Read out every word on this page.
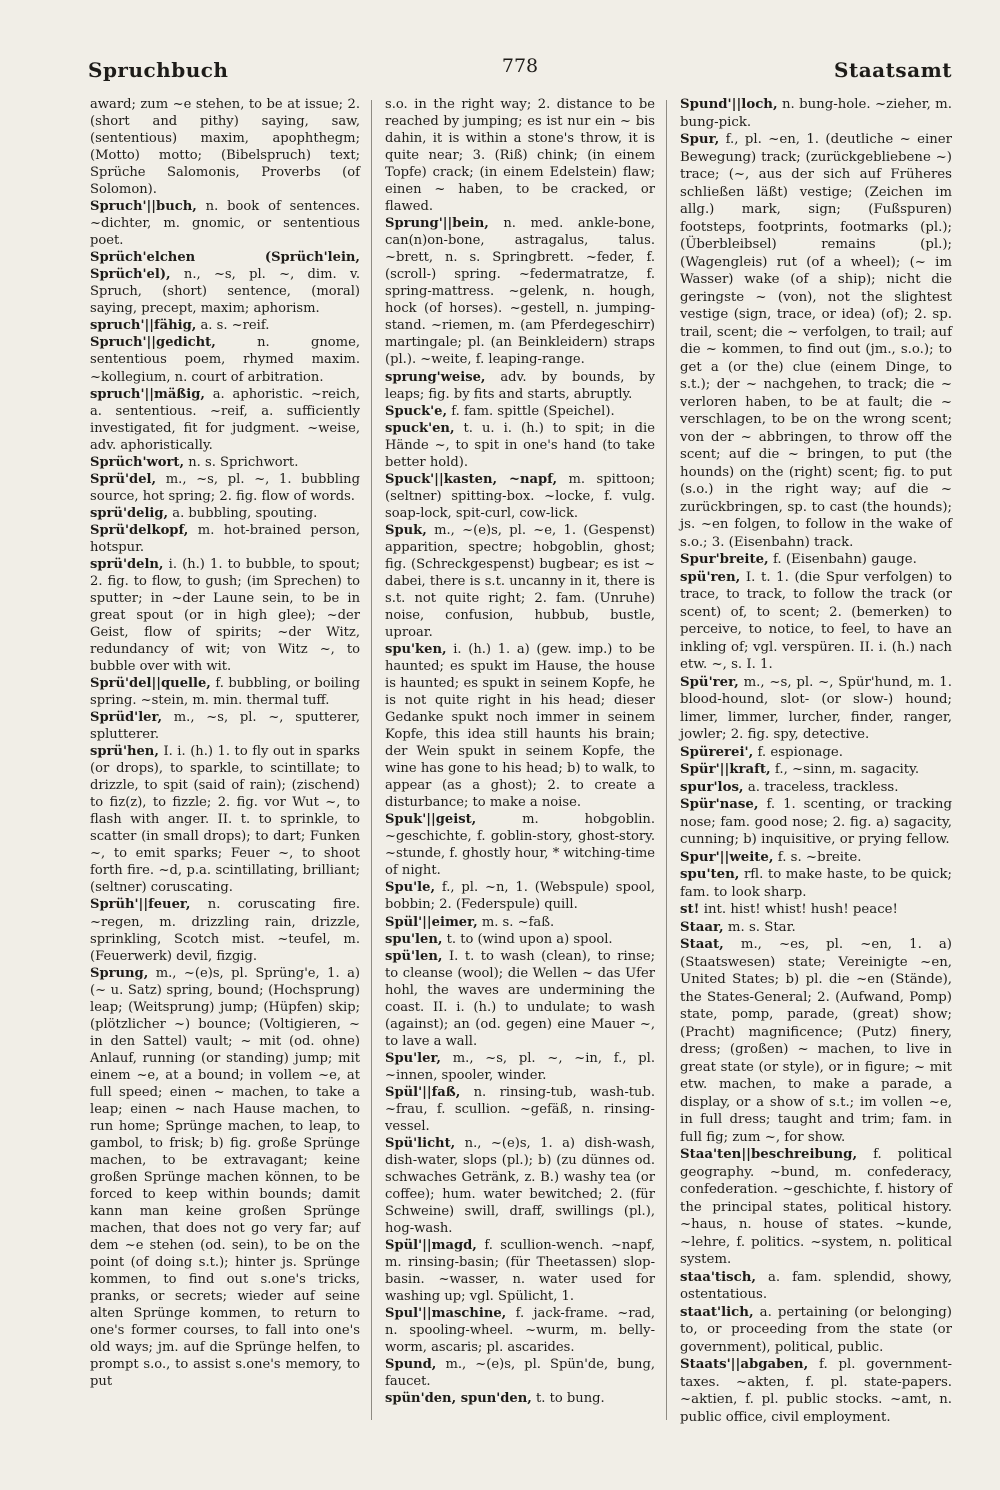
Spruchbuch	778	Staatsamt
award; zum ~e stehen, to be at issue; 2. (short and pithy) saying, saw, (sententious) maxim, apophthegm; (Motto) motto; (Bibelspruch) text; Sprüche Salomonis, Proverbs (of Solomon).
Spruch'||buch, n. book of sentences. ~dichter, m. gnomic, or sententious poet.
Sprüch'elchen (Sprüch'lein, Sprüch'el), n., ~s, pl. ~, dim. v. Spruch, (short) sentence, (moral) saying, precept, maxim; aphorism.
spruch'||fähig, a. s. ~reif.
Spruch'||gedicht,	n. gnome, sententious poem, rhymed maxim. ~kollegium, n. court of arbitration.
spruch'||mäßig, a. aphoristic. ~reich, a. sententious. ~reif, a. sufficiently investigated, fit for judgment. ~weise, adv. aphoristically.
Sprüch'wort, n. s. Sprichwort.
Sprü'del, m., ~s, pl. ~, 1. bubbling source, hot spring; 2. fig. flow of words.
sprü'delig, a. bubbling, spouting.
Sprü'delkopf, m. hot-brained person, hotspur.
sprü'deln, i. (h.) 1. to bubble, to spout; 2. fig. to flow, to gush; (im Sprechen) to sputter; in ~der Laune sein, to be in great spout (or in high glee); ~der Geist, flow of spirits; ~der Witz, redundancy of wit; von Witz ~, to bubble over with wit.
Sprü'del||quelle, f. bubbling, or boiling spring. ~stein, m. min. thermal tuff.
Sprüd'ler, m., ~s, pl. ~, sputterer, splutterer.
sprü'hen, I. i. (h.) 1. to fly out in sparks (or drops), to sparkle, to scintillate; to drizzle, to spit (said of rain); (zischend) to fiz(z), to fizzle; 2. fig. vor Wut ~, to flash with anger. II. t. to sprinkle, to scatter (in small drops); to dart; Funken ~, to emit sparks; Feuer ~, to shoot forth fire. ~d, p.a. scintillating, brilliant; (seltner) coruscating.
Sprüh'||feuer, n. coruscating fire. ~regen, m. drizzling rain, drizzle, sprinkling, Scotch mist. ~teufel, m. (Feuerwerk) devil, fizgig.
Sprung, m., ~(e)s, pl. Sprüng'e, 1. a) (~ u. Satz) spring, bound; (Hochsprung) leap; (Weitsprung) jump; (Hüpfen) skip; (plötzlicher ~) bounce; (Voltigieren, ~ in den Sattel) vault; ~ mit (od. ohne) Anlauf, running (or standing) jump; mit einem ~e, at a bound; in vollem ~e, at full speed; einen ~ machen, to take a leap; einen ~ nach Hause machen, to run home; Sprünge machen, to leap, to gambol, to frisk; b) fig. große Sprünge machen, to be extravagant; keine großen Sprünge machen können, to be forced to keep within bounds; damit kann man keine großen Sprünge machen, that does not go very far; auf dem ~e stehen (od. sein), to be on the point (of doing s.t.); hinter js. Sprünge kommen, to find out s.one's tricks, pranks, or secrets; wieder auf seine alten Sprünge kommen, to return to one's former courses, to fall into one's old ways; jm. auf die Sprünge helfen, to prompt s.o., to assist s.one's memory, to put
s.o. in the right way; 2. distance to be reached by jumping; es ist nur ein ~ bis dahin, it is within a stone's throw, it is quite near; 3. (Riß) chink; (in einem Topfe) crack; (in einem Edelstein) flaw; einen ~ haben, to be cracked, or flawed.
Sprung'||bein, n. med. ankle-bone, can(n)on-bone, astragalus, talus. ~brett, n. s. Springbrett. ~feder, f. (scroll-) spring. ~federmatratze, f. spring-mattress. ~gelenk, n. hough, hock (of horses). ~gestell, n. jumping-stand. ~riemen, m. (am Pferdegeschirr) martingale; pl. (an Beinkleidern) straps (pl.). ~weite, f. leaping-range.
sprung'weise, adv. by bounds, by leaps; fig. by fits and starts, abruptly.
Spuck'e, f. fam. spittle (Speichel).
spuck'en, t. u. i. (h.) to spit; in die Hände ~, to spit in one's hand (to take better hold).
Spuck'||kasten, ~napf, m. spittoon; (seltner) spitting-box. ~locke, f. vulg. soap-lock, spit-curl, cow-lick.
Spuk, m., ~(e)s, pl. ~e, 1. (Gespenst) apparition, spectre; hobgoblin, ghost; fig. (Schreckgespenst) bugbear; es ist ~ dabei, there is s.t. uncanny in it, there is s.t. not quite right; 2. fam. (Unruhe) noise, confusion, hubbub, bustle, uproar.
spu'ken, i. (h.) 1. a) (gew. imp.) to be haunted; es spukt im Hause, the house is haunted; es spukt in seinem Kopfe, he is not quite right in his head; dieser Gedanke spukt noch immer in seinem Kopfe, this idea still haunts his brain; der Wein spukt in seinem Kopfe, the wine has gone to his head; b) to walk, to appear (as a ghost); 2. to create a disturbance; to make a noise.
Spuk'||geist,	m. hobgoblin. ~geschichte, f. goblin-story, ghost-story. ~stunde, f. ghostly hour, * witching-time of night.
Spu'le, f., pl. ~n, 1. (Webspule) spool, bobbin; 2. (Federspule) quill.
Spül'||eimer, m. s. ~faß.
spu'len, t. to (wind upon a) spool.
spü'len, I. t. to wash (clean), to rinse; to cleanse (wool); die Wellen ~ das Ufer hohl, the waves are undermining the coast. II. i. (h.) to undulate; to wash (against); an (od. gegen) eine Mauer ~, to lave a wall.
Spu'ler, m., ~s, pl. ~, ~in, f., pl. ~innen, spooler, winder.
Spül'||faß, n. rinsing-tub, wash-tub. ~frau, f. scullion. ~gefäß, n. rinsing-vessel.
Spü'licht, n., ~(e)s, 1. a) dish-wash, dish-water, slops (pl.); b) (zu dünnes od. schwaches Getränk, z. B.) washy tea (or coffee); hum. water bewitched; 2. (für Schweine) swill, draff, swillings (pl.), hog-wash.
Spül'||magd, f. scullion-wench. ~napf, m. rinsing-basin; (für Theetassen) slop-basin. ~wasser, n. water used for washing up; vgl. Spülicht, 1.
Spul'||maschine, f. jack-frame. ~rad, n. spooling-wheel. ~wurm, m. belly-worm, ascaris; pl. ascarides.
Spund, m., ~(e)s, pl. Spün'de, bung, faucet.
spün'den, spun'den, t. to bung.
Spund'||loch, n. bung-hole. ~zieher, m. bung-pick.
Spur, f., pl. ~en, 1. (deutliche ~ einer Bewegung) track; (zurückgebliebene ~) trace; (~, aus der sich auf Früheres schließen läßt) vestige; (Zeichen im allg.) mark, sign; (Fußspuren) footsteps, footprints, footmarks (pl.); (Überbleibsel) remains (pl.); (Wagengleis) rut (of a wheel); (~ im Wasser) wake (of a ship); nicht die geringste ~ (von), not the slightest vestige (sign, trace, or idea) (of); 2. sp. trail, scent; die ~ verfolgen, to trail; auf die ~ kommen, to find out (jm., s.o.); to get a (or the) clue (einem Dinge, to s.t.); der ~ nachgehen, to track; die ~ verloren haben, to be at fault; die ~ verschlagen, to be on the wrong scent; von der ~ abbringen, to throw off the scent; auf die ~ bringen, to put (the hounds) on the (right) scent; fig. to put (s.o.) in the right way; auf die ~ zurückbringen, sp. to cast (the hounds); js. ~en folgen, to follow in the wake of s.o.; 3. (Eisenbahn) track.
Spur'breite, f. (Eisenbahn) gauge.
spü'ren, I. t. 1. (die Spur verfolgen) to trace, to track, to follow the track (or scent) of, to scent; 2. (bemerken) to perceive, to notice, to feel, to have an inkling of; vgl. verspüren. II. i. (h.) nach etw. ~, s. I. 1.
Spü'rer, m., ~s, pl. ~, Spür'hund, m. 1. blood-hound, slot- (or slow-) hound; limer, limmer, lurcher, finder, ranger, jowler; 2. fig. spy, detective.
Spürerei', f. espionage.
Spür'||kraft, f., ~sinn, m. sagacity.
spur'los, a. traceless, trackless.
Spür'nase, f. 1. scenting, or tracking nose; fam. good nose; 2. fig. a) sagacity, cunning; b) inquisitive, or prying fellow.
Spur'||weite, f. s. ~breite.
spu'ten, rfl. to make haste, to be quick; fam. to look sharp.
st! int. hist! whist! hush! peace!
Staar, m. s. Star.
Staat, m., ~es, pl. ~en, 1. a) (Staatswesen) state; Vereinigte ~en, United States; b) pl. die ~en (Stände), the States-General; 2. (Aufwand, Pomp) state, pomp, parade, (great) show; (Pracht) magnificence; (Putz) finery, dress; (großen) ~ machen, to live in great state (or style), or in figure; ~ mit etw. machen, to make a parade, a display, or a show of s.t.; im vollen ~e, in full dress; taught and trim; fam. in full fig; zum ~, for show.
Staa'ten||beschreibung, f. political geography. ~bund, m. confederacy, confederation. ~geschichte, f. history of the principal states, political history. ~haus, n. house of states. ~kunde, ~lehre, f. politics. ~system, n. political system.
staa'tisch, a. fam. splendid, showy, ostentatious.
staat'lich, a. pertaining (or belonging) to, or proceeding from the state (or government), political, public.
Staats'||abgaben, f. pl. government-taxes. ~akten, f. pl. state-papers. ~aktien, f. pl. public stocks. ~amt, n. public office, civil employment.
